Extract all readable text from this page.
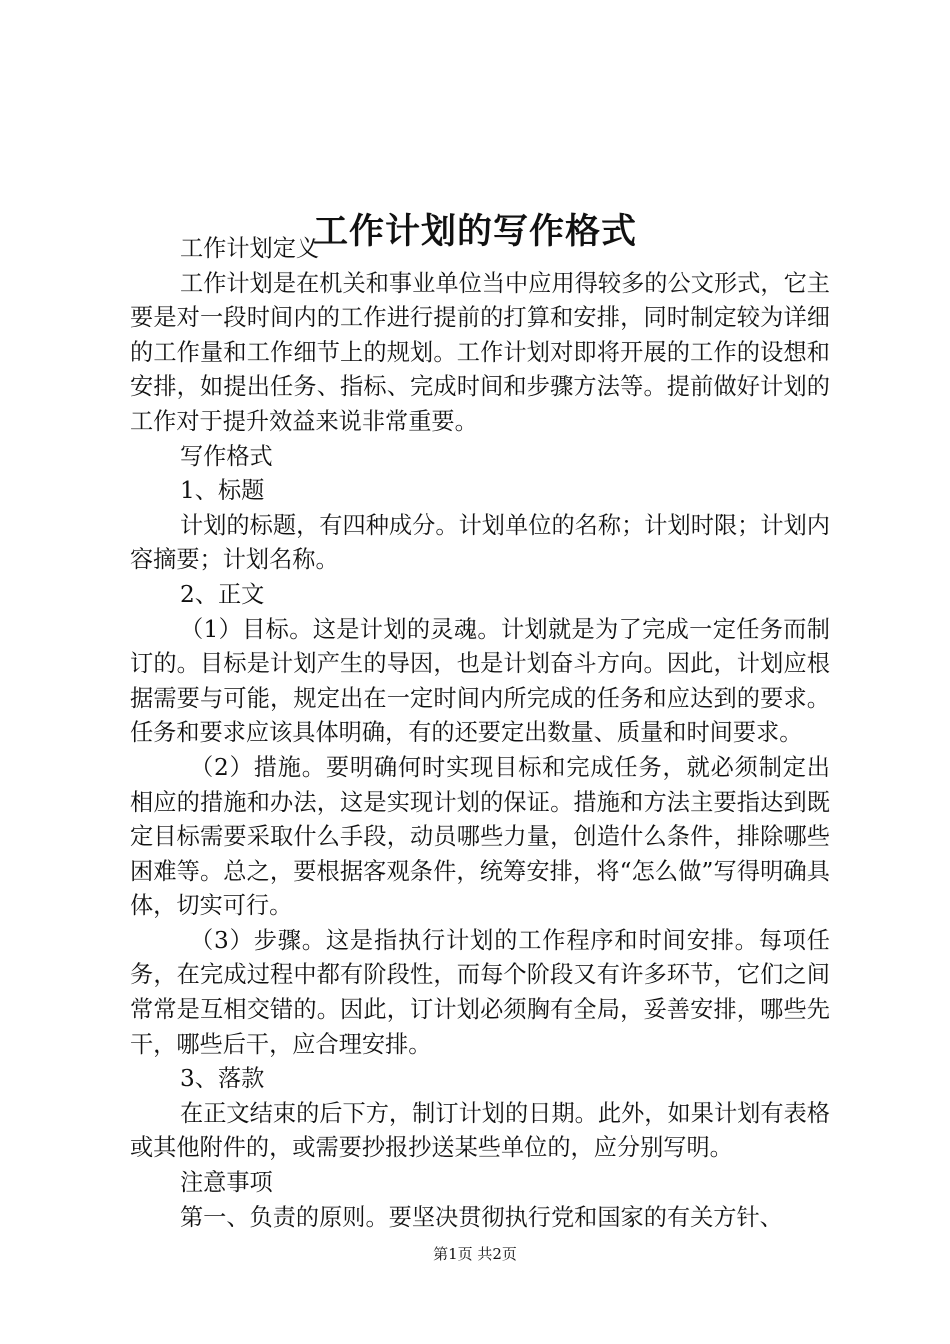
工作计划的写作格式

工作计划定义

工作计划是在机关和事业单位当中应用得较多的公文形式，它主要是对一段时间内的工作进行提前的打算和安排，同时制定较为详细的工作量和工作细节上的规划。工作计划对即将开展的工作的设想和安排，如提出任务、指标、完成时间和步骤方法等。提前做好计划的工作对于提升效益来说非常重要。

写作格式

1、标题

计划的标题，有四种成分。计划单位的名称；计划时限；计划内容摘要；计划名称。

2、正文

（1）目标。这是计划的灵魂。计划就是为了完成一定任务而制订的。目标是计划产生的导因，也是计划奋斗方向。因此，计划应根据需要与可能，规定出在一定时间内所完成的任务和应达到的要求。任务和要求应该具体明确，有的还要定出数量、质量和时间要求。

（2）措施。要明确何时实现目标和完成任务，就必须制定出相应的措施和办法，这是实现计划的保证。措施和方法主要指达到既定目标需要采取什么手段，动员哪些力量，创造什么条件，排除哪些困难等。总之，要根据客观条件，统筹安排，将“怎么做”写得明确具体，切实可行。

（3）步骤。这是指执行计划的工作程序和时间安排。每项任务，在完成过程中都有阶段性，而每个阶段又有许多环节，它们之间常常是互相交错的。因此，订计划必须胸有全局，妥善安排，哪些先干，哪些后干，应合理安排。

3、落款

在正文结束的后下方，制订计划的日期。此外，如果计划有表格或其他附件的，或需要抄报抄送某些单位的，应分别写明。

注意事项

第一、负责的原则。要坚决贯彻执行党和国家的有关方针、

第1页 共2页
